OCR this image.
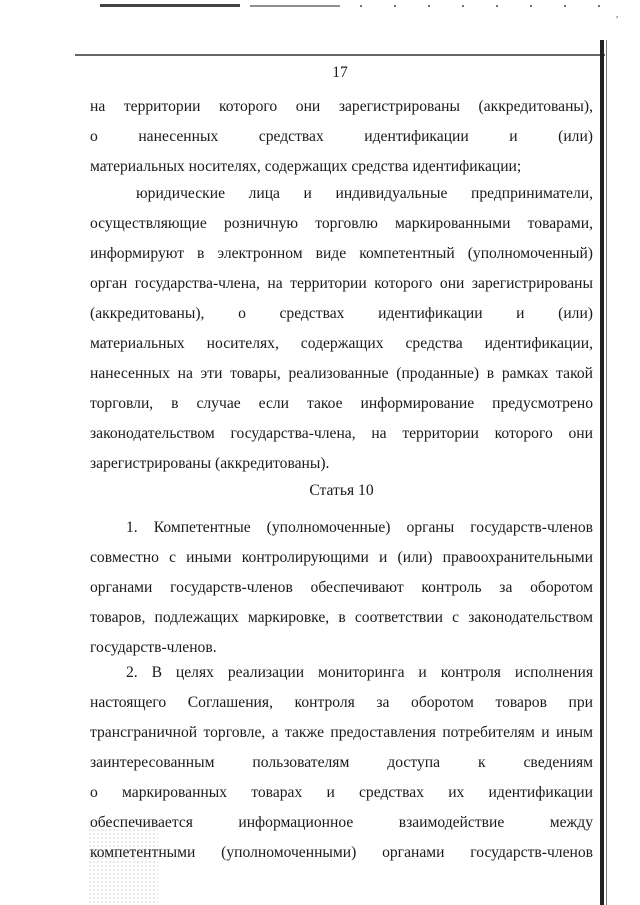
′
17
на территории которого они зарегистрированы (аккредитованы),
о нанесенных средствах идентификации и (или)
материальных носителях, содержащих средства идентификации;
юридические лица и индивидуальные предприниматели,
осуществляющие розничную торговлю маркированными товарами,
информируют в электронном виде компетентный (уполномоченный)
орган государства-члена, на территории которого они зарегистрированы
(аккредитованы), о средствах идентификации и (или)
материальных носителях, содержащих средства идентификации,
нанесенных на эти товары, реализованные (проданные) в рамках такой
торговли, в случае если такое информирование предусмотрено
законодательством государства-члена, на территории которого они
зарегистрированы (аккредитованы).
Статья 10
1. Компетентные (уполномоченные) органы государств-членов
совместно с иными контролирующими и (или) правоохранительными
органами государств-членов обеспечивают контроль за оборотом
товаров, подлежащих маркировке, в соответствии с законодательством
государств-членов.
2. В целях реализации мониторинга и контроля исполнения
настоящего Соглашения, контроля за оборотом товаров при
трансграничной торговле, а также предоставления потребителям и иным
заинтересованным пользователям доступа к сведениям
о маркированных товарах и средствах их идентификации
обеспечивается информационное взаимодействие между
компетентными (уполномоченными) органами государств-членов
